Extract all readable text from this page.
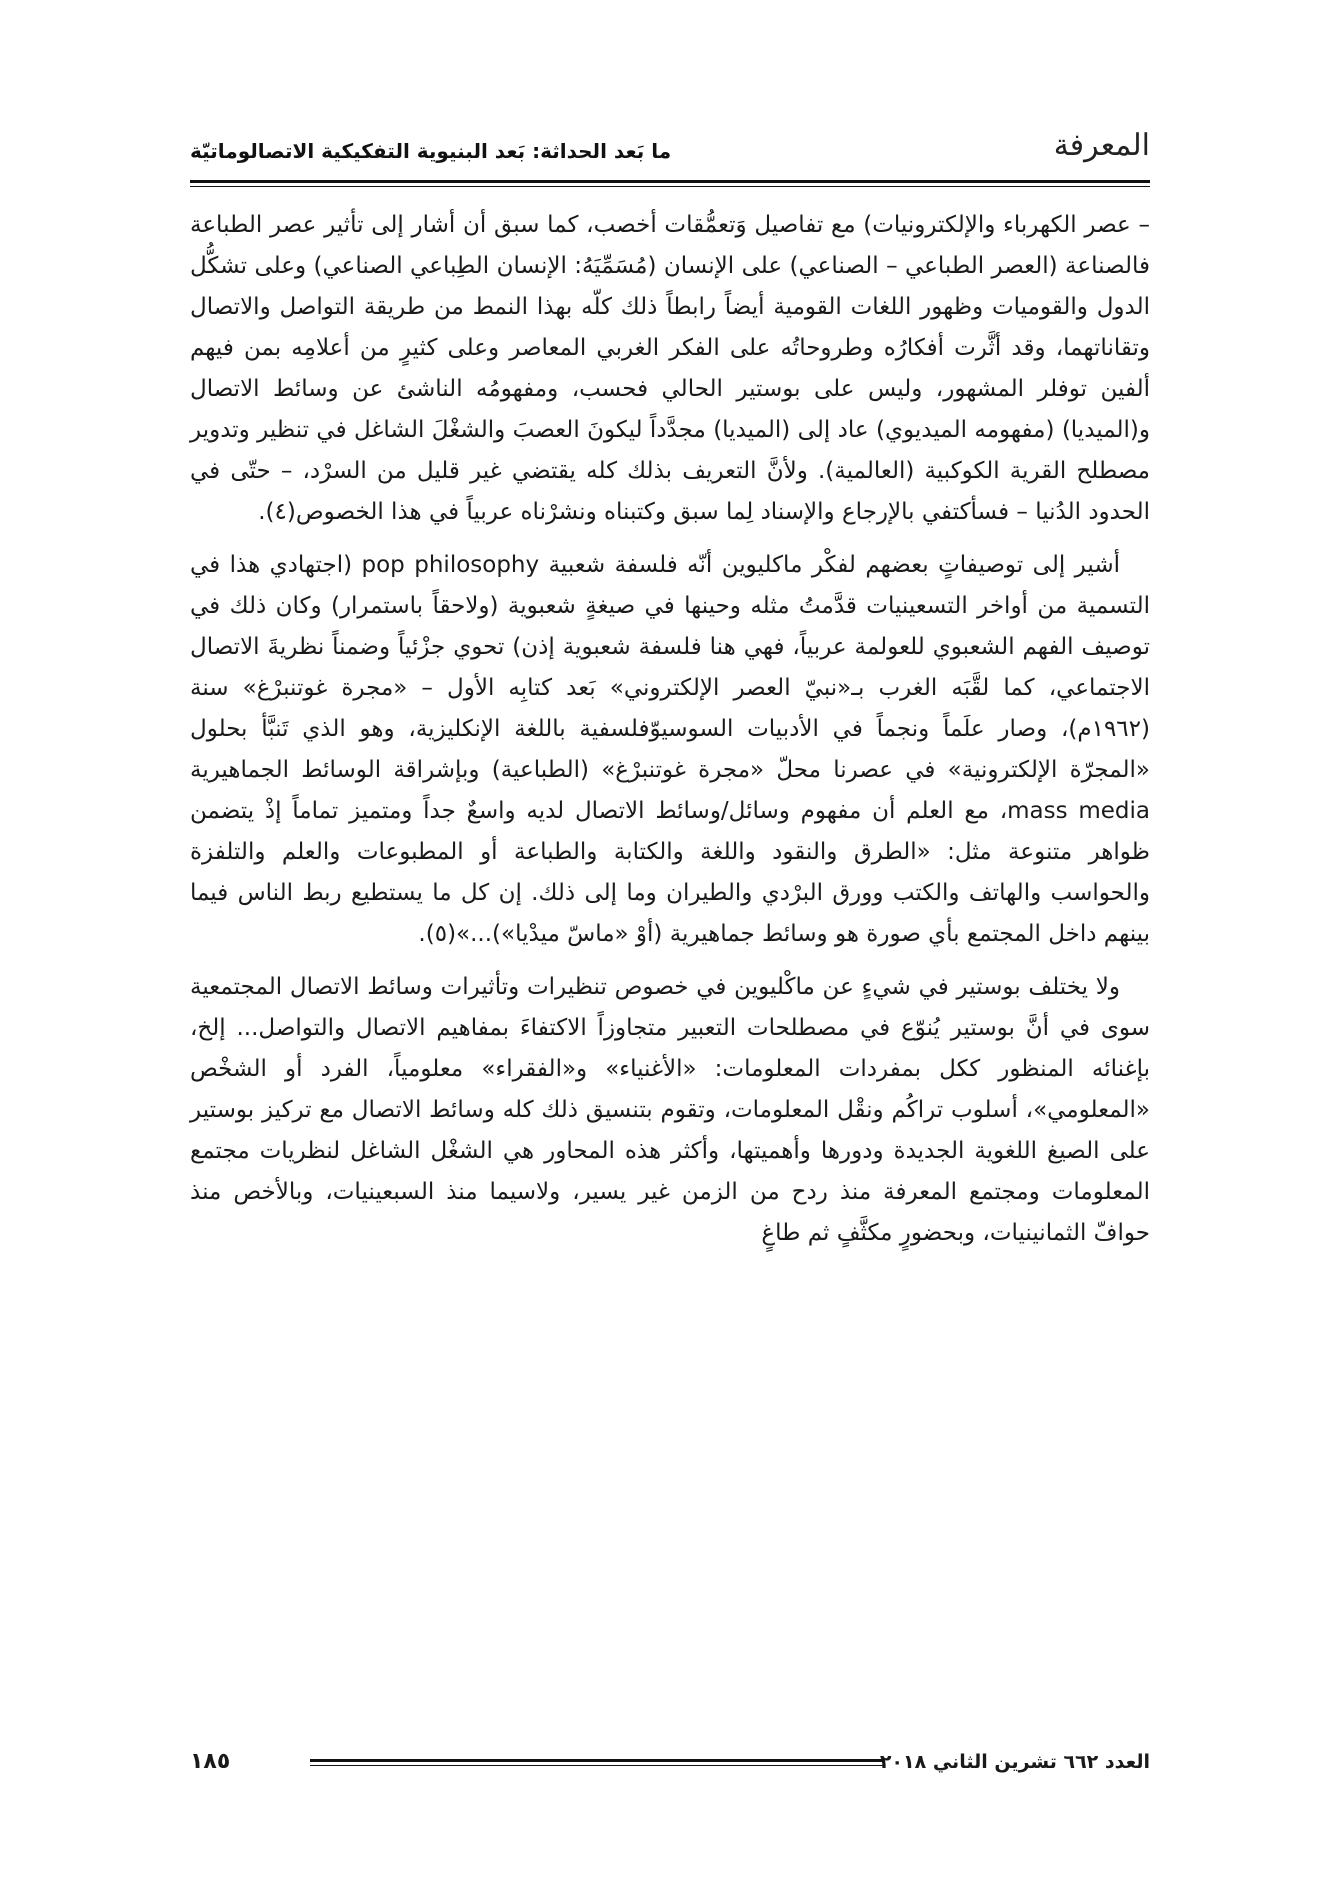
المعرفة
ما بَعد الحداثة: بَعد البنيوية التفكيكية الاتصالوماتيّة

– عصر الكهرباء والإلكترونيات) مع تفاصيل وَتعمُّقات أخصب، كما سبق أن أشار إلى تأثير عصر الطباعة فالصناعة (العصر الطباعي – الصناعي) على الإنسان (مُسَمِّيَهُ: الإنسان الطِباعي الصناعي) وعلى تشكُّل الدول والقوميات وظهور اللغات القومية أيضاً رابطاً ذلك كلّه بهذا النمط من طريقة التواصل والاتصال وتقاناتهما، وقد أثَّرت أفكارُه وطروحاتُه على الفكر الغربي المعاصر وعلى كثيرٍ من أعلامِه بمن فيهم ألفين توفلر المشهور، وليس على بوستير الحالي فحسب، ومفهومُه الناشئ عن وسائط الاتصال و(الميديا) (مفهومه الميديوي) عاد إلى (الميديا) مجدَّداً ليكونَ العصبَ والشغْلَ الشاغل في تنظير وتدوير مصطلح القرية الكوكبية (العالمية). ولأنَّ التعريف بذلك كله يقتضي غير قليل من السرْد، – حتّى في الحدود الدُنيا – فسأكتفي بالإرجاع والإسناد لِما سبق وكتبناه ونشرْناه عربياً في هذا الخصوص(٤).

أشير إلى توصيفاتٍ بعضهم لفكْر ماكليوين أنّه فلسفة شعبية pop philosophy (اجتهادي هذا في التسمية من أواخر التسعينيات قدَّمتُ مثله وحينها في صيغةٍ شعبوية (ولاحقاً باستمرار) وكان ذلك في توصيف الفهم الشعبوي للعولمة عربياً، فهي هنا فلسفة شعبوية إذن) تحوي جزْئياً وضمناً نظريةَ الاتصال الاجتماعي، كما لقَّبَه الغرب بـ«نبيّ العصر الإلكتروني» بَعد كتابِه الأول – «مجرة غوتنبرْغ» سنة (١٩٦٢م)، وصار علَماً ونجماً في الأدبيات السوسيوّفلسفية باللغة الإنكليزية، وهو الذي تَنبَّأ بحلول «المجرّة الإلكترونية» في عصرنا محلّ «مجرة غوتنبرْغ» (الطباعية) وبإشراقة الوسائط الجماهيرية mass media، مع العلم أن مفهوم وسائل/وسائط الاتصال لديه واسعٌ جداً ومتميز تماماً إذْ يتضمن ظواهر متنوعة مثل: «الطرق والنقود واللغة والكتابة والطباعة أو المطبوعات والعلم والتلفزة والحواسب والهاتف والكتب وورق البرْدي والطيران وما إلى ذلك. إن كل ما يستطيع ربط الناس فيما بينهم داخل المجتمع بأي صورة هو وسائط جماهيرية (أوْ «ماسّ ميدْيا»)...»(٥).

ولا يختلف بوستير في شيءٍ عن ماكْليوين في خصوص تنظيرات وتأثيرات وسائط الاتصال المجتمعية سوى في أنَّ بوستير يُنوّع في مصطلحات التعبير متجاوزاً الاكتفاءَ بمفاهيم الاتصال والتواصل... إلخ، بإغنائه المنظور ككل بمفردات المعلومات: «الأغنياء» و«الفقراء» معلومياً، الفرد أو الشخْص «المعلومي»، أسلوب تراكُم ونقْل المعلومات، وتقوم بتنسيق ذلك كله وسائط الاتصال مع تركيز بوستير على الصيغ اللغوية الجديدة ودورها وأهميتها، وأكثر هذه المحاور هي الشغْل الشاغل لنظريات مجتمع المعلومات ومجتمع المعرفة منذ ردح من الزمن غير يسير، ولاسيما منذ السبعينيات، وبالأخص منذ حوافّ الثمانينيات، وبحضورٍ مكثَّفٍ ثم طاغٍ

العدد ٦٦٢ تشرين الثاني ٢٠١٨
١٨٥
